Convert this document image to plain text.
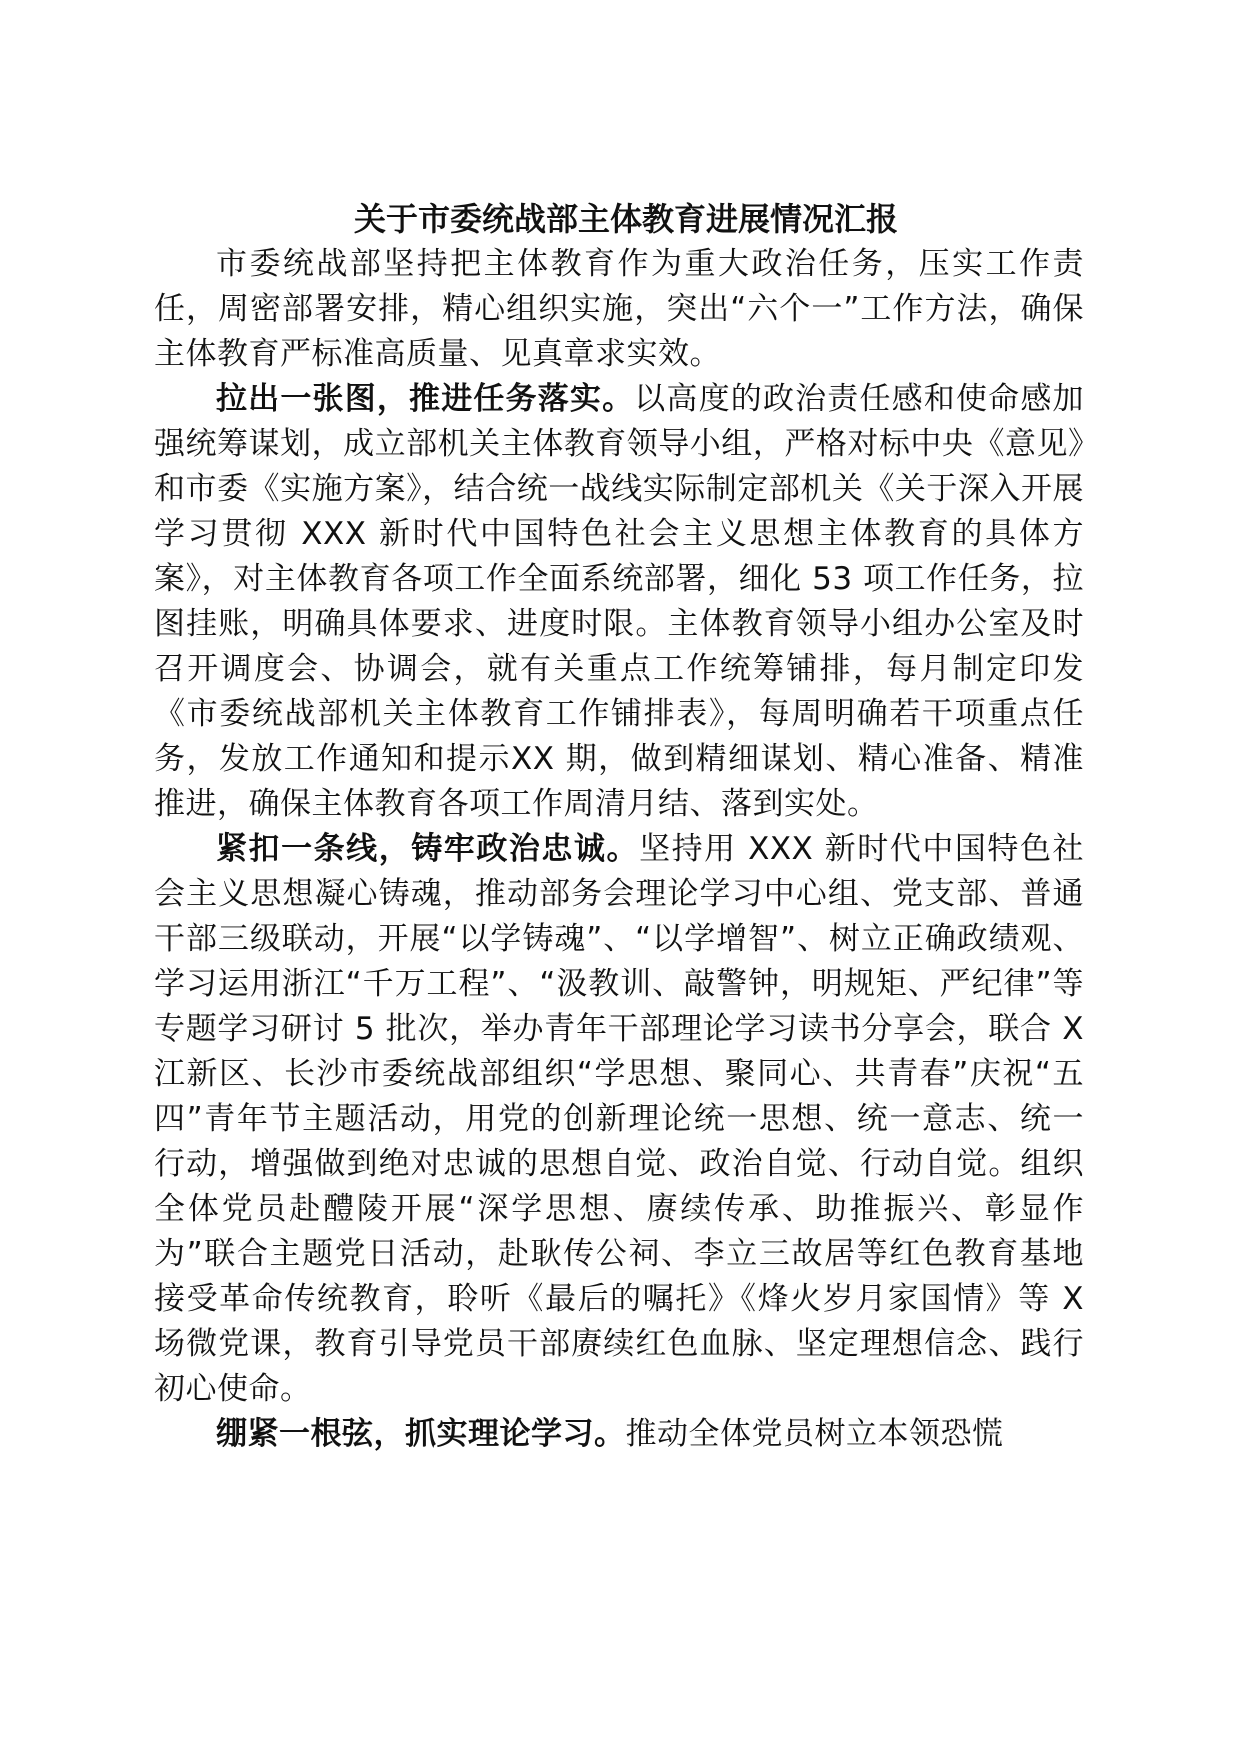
关于市委统战部主体教育进展情况汇报

市委统战部坚持把主体教育作为重大政治任务，压实工作责任，周密部署安排，精心组织实施，突出“六个一”工作方法，确保主体教育严标准高质量、见真章求实效。

拉出一张图，推进任务落实。以高度的政治责任感和使命感加强统筹谋划，成立部机关主体教育领导小组，严格对标中央《意见》和市委《实施方案》，结合统一战线实际制定部机关《关于深入开展学习贯彻 XXX 新时代中国特色社会主义思想主体教育的具体方案》，对主体教育各项工作全面系统部署，细化 53 项工作任务，拉图挂账，明确具体要求、进度时限。主体教育领导小组办公室及时召开调度会、协调会，就有关重点工作统筹铺排，每月制定印发《市委统战部机关主体教育工作铺排表》，每周明确若干项重点任务，发放工作通知和提示XX 期，做到精细谋划、精心准备、精准推进，确保主体教育各项工作周清月结、落到实处。

紧扣一条线，铸牢政治忠诚。坚持用 XXX 新时代中国特色社会主义思想凝心铸魂，推动部务会理论学习中心组、党支部、普通干部三级联动，开展“以学铸魂”、“以学增智”、树立正确政绩观、学习运用浙江“千万工程”、“汲教训、敲警钟，明规矩、严纪律”等专题学习研讨 5 批次，举办青年干部理论学习读书分享会，联合 X 江新区、长沙市委统战部组织“学思想、聚同心、共青春”庆祝“五四”青年节主题活动，用党的创新理论统一思想、统一意志、统一行动，增强做到绝对忠诚的思想自觉、政治自觉、行动自觉。组织全体党员赴醴陵开展“深学思想、赓续传承、助推振兴、彰显作为”联合主题党日活动，赴耿传公祠、李立三故居等红色教育基地接受革命传统教育，聆听《最后的嘱托》《烽火岁月家国情》等 X 场微党课，教育引导党员干部赓续红色血脉、坚定理想信念、践行初心使命。

绷紧一根弦，抓实理论学习。推动全体党员树立本领恐慌
